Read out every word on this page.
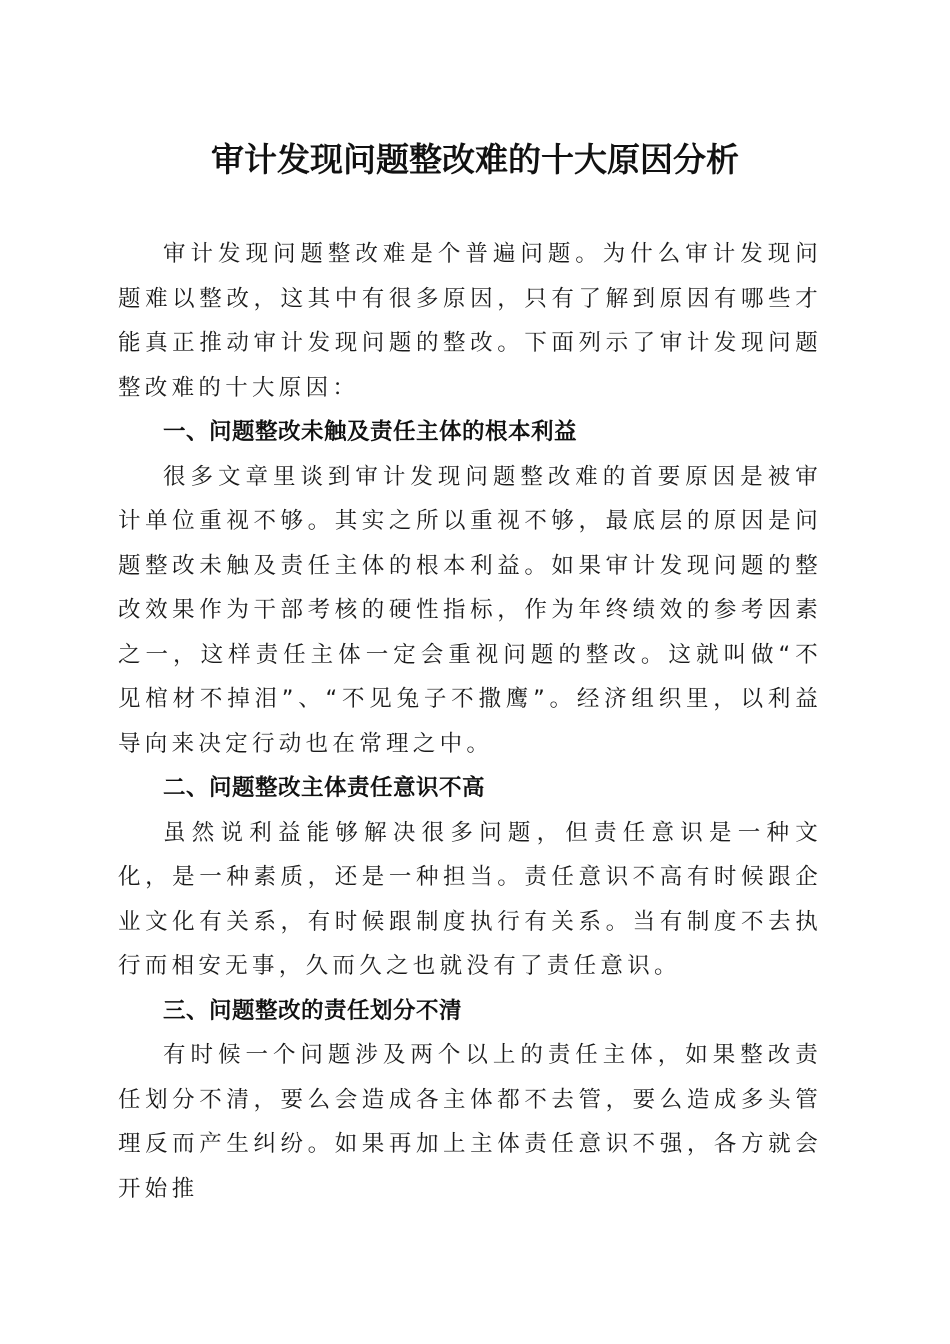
审计发现问题整改难的十大原因分析

审计发现问题整改难是个普遍问题。为什么审计发现问题难以整改，这其中有很多原因，只有了解到原因有哪些才能真正推动审计发现问题的整改。下面列示了审计发现问题整改难的十大原因：

一、问题整改未触及责任主体的根本利益

很多文章里谈到审计发现问题整改难的首要原因是被审计单位重视不够。其实之所以重视不够，最底层的原因是问题整改未触及责任主体的根本利益。如果审计发现问题的整改效果作为干部考核的硬性指标，作为年终绩效的参考因素之一，这样责任主体一定会重视问题的整改。这就叫做“不见棺材不掉泪”、“不见兔子不撒鹰”。经济组织里，以利益导向来决定行动也在常理之中。

二、问题整改主体责任意识不高

虽然说利益能够解决很多问题，但责任意识是一种文化，是一种素质，还是一种担当。责任意识不高有时候跟企业文化有关系，有时候跟制度执行有关系。当有制度不去执行而相安无事，久而久之也就没有了责任意识。

三、问题整改的责任划分不清

有时候一个问题涉及两个以上的责任主体，如果整改责任划分不清，要么会造成各主体都不去管，要么造成多头管理反而产生纠纷。如果再加上主体责任意识不强，各方就会开始推
